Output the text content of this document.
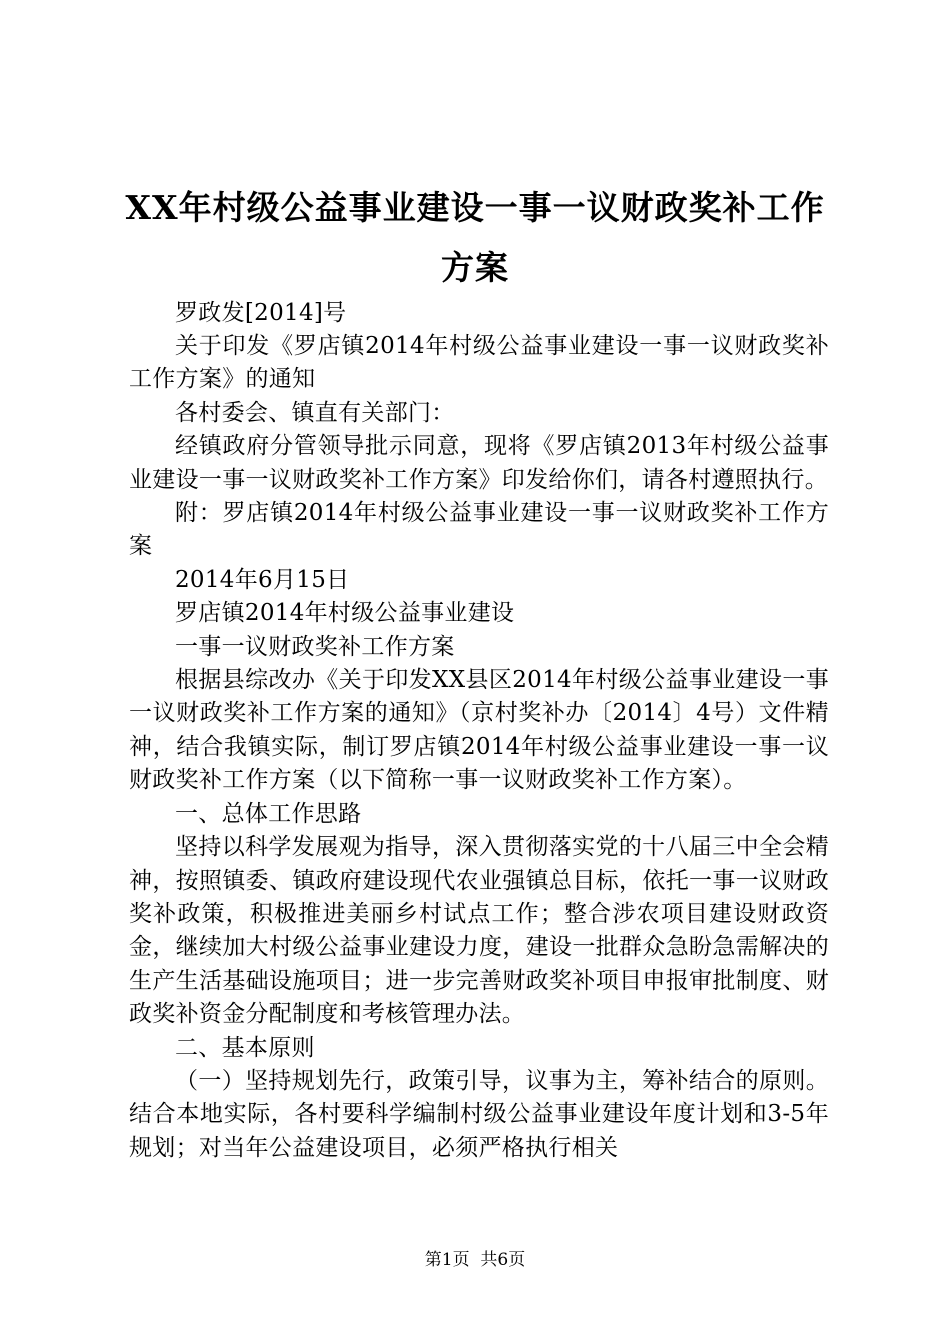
XX年村级公益事业建设一事一议财政奖补工作方案

罗政发[2014]号

关于印发《罗店镇2014年村级公益事业建设一事一议财政奖补工作方案》的通知

各村委会、镇直有关部门：

经镇政府分管领导批示同意，现将《罗店镇2013年村级公益事业建设一事一议财政奖补工作方案》印发给你们，请各村遵照执行。

附：罗店镇2014年村级公益事业建设一事一议财政奖补工作方案

2014年6月15日

罗店镇2014年村级公益事业建设

一事一议财政奖补工作方案

根据县综改办《关于印发XX县区2014年村级公益事业建设一事一议财政奖补工作方案的通知》（京村奖补办〔2014〕4号）文件精神，结合我镇实际，制订罗店镇2014年村级公益事业建设一事一议财政奖补工作方案（以下简称一事一议财政奖补工作方案）。

一、总体工作思路

坚持以科学发展观为指导，深入贯彻落实党的十八届三中全会精神，按照镇委、镇政府建设现代农业强镇总目标，依托一事一议财政奖补政策，积极推进美丽乡村试点工作；整合涉农项目建设财政资金，继续加大村级公益事业建设力度，建设一批群众急盼急需解决的生产生活基础设施项目；进一步完善财政奖补项目申报审批制度、财政奖补资金分配制度和考核管理办法。

二、基本原则

（一）坚持规划先行，政策引导，议事为主，筹补结合的原则。结合本地实际，各村要科学编制村级公益事业建设年度计划和3-5年规划；对当年公益建设项目，必须严格执行相关

第1页  共6页
